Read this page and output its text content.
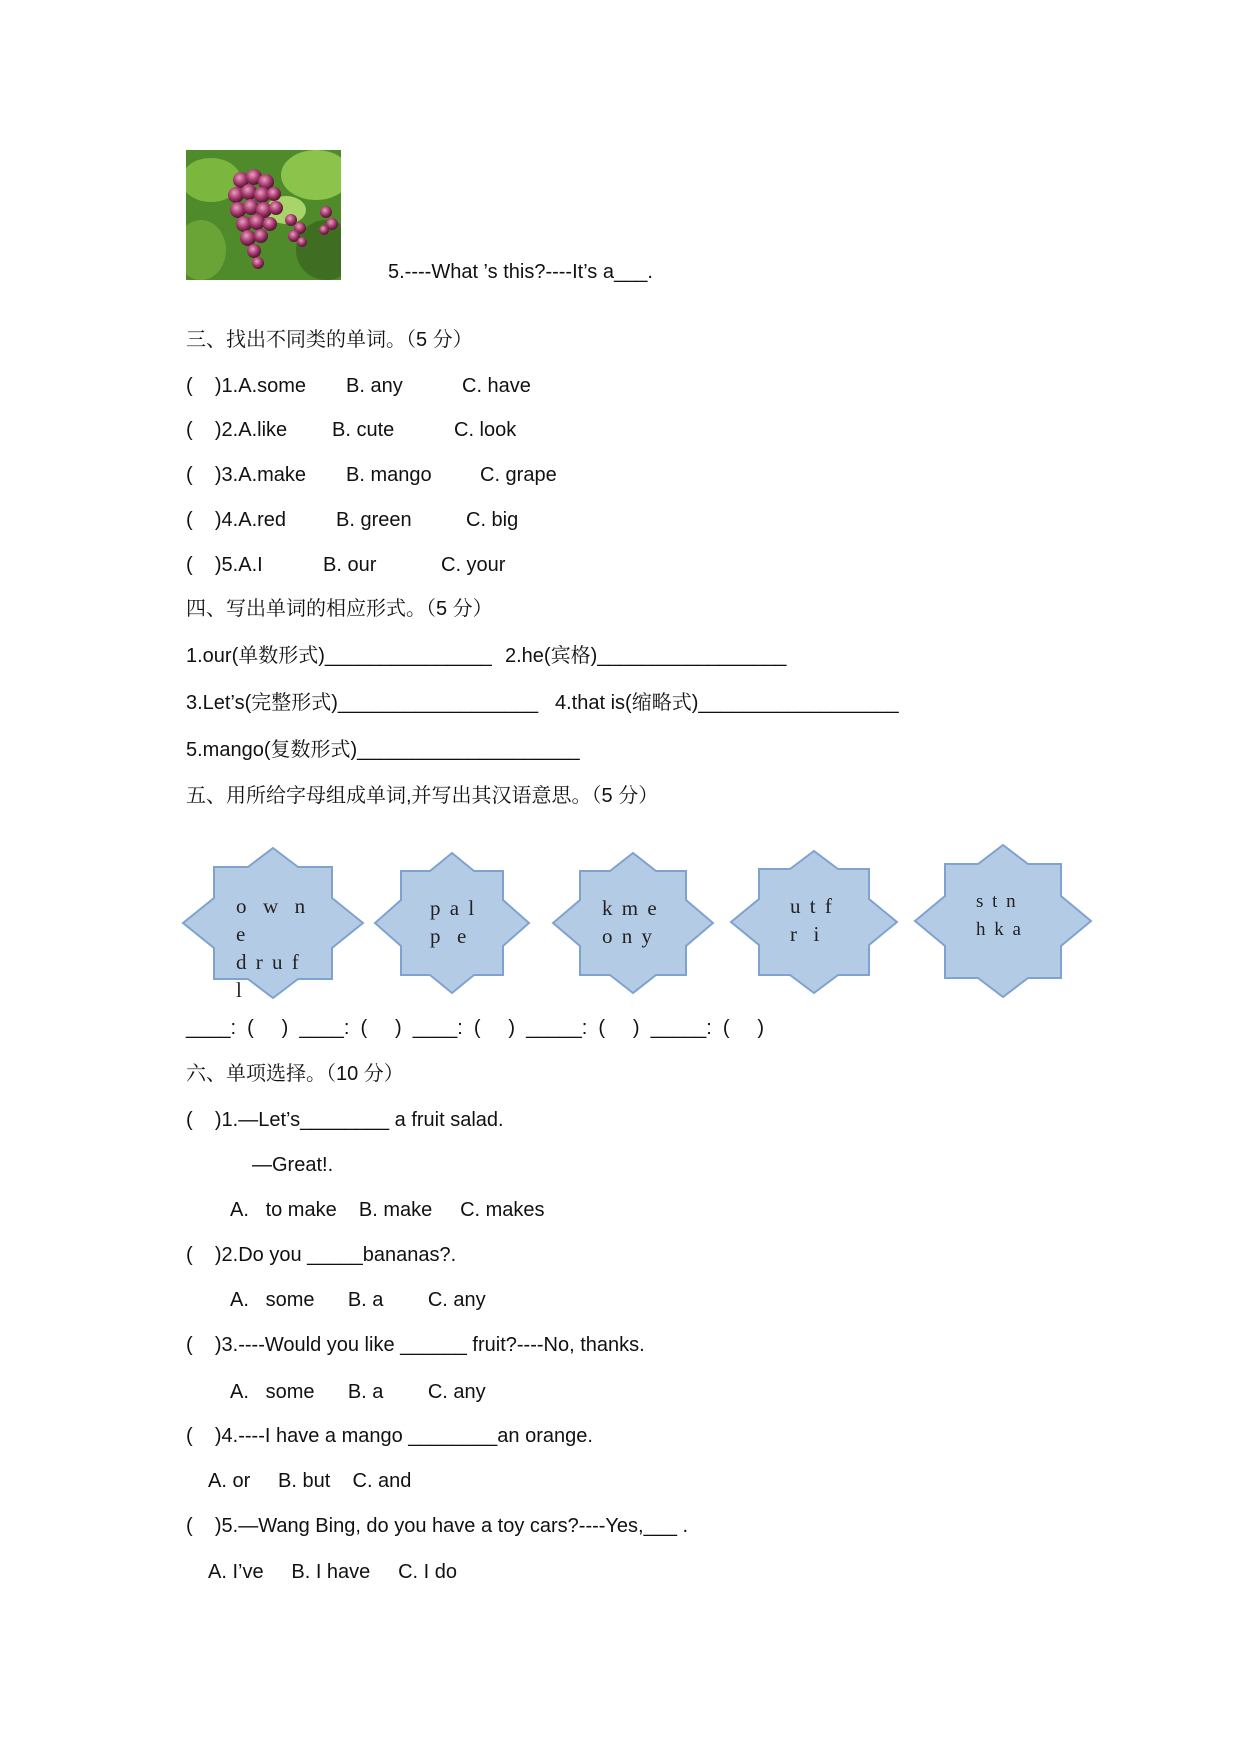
5.----What ’s this?----It’s a___.
三、找出不同类的单词。（5 分）
(    )1.A.some B. any	C. have
(    )2.A.like B. cute	C. look
(    )3.A.make B. mango C. grape
(    )4.A.red B. green	C. big
(    )5.A.I	B. our	C. your
四、写出单词的相应形式。（5 分）
1.our(单数形式)_______________ 2.he(宾格)_________________
3.Let’s(完整形式)__________________ 4.that is(缩略式)__________________
5.mango(复数形式)____________________
五、用所给字母组成单词,并写出其汉语意思。（5 分）
o  w  n
e
d r u f
l
p a l
p  e
k m e
o n y
u t f
r  i
s t n
h k a
____:  (     )  ____:  (     )  ____:  (     )  _____:  (     )  _____:  (     )
六、单项选择。（10 分）
(    )1.—Let’s________ a fruit salad.
—Great!.
A.   to make    B. make     C. makes
(    )2.Do you _____bananas?.
A.   some      B. a        C. any
(    )3.----Would you like ______ fruit?----No, thanks.
A.   some      B. a        C. any
(    )4.----I have a mango ________an orange.
A. or     B. but    C. and
(    )5.—Wang Bing, do you have a toy cars?----Yes,___ .
A. I’ve     B. I have     C. I do
